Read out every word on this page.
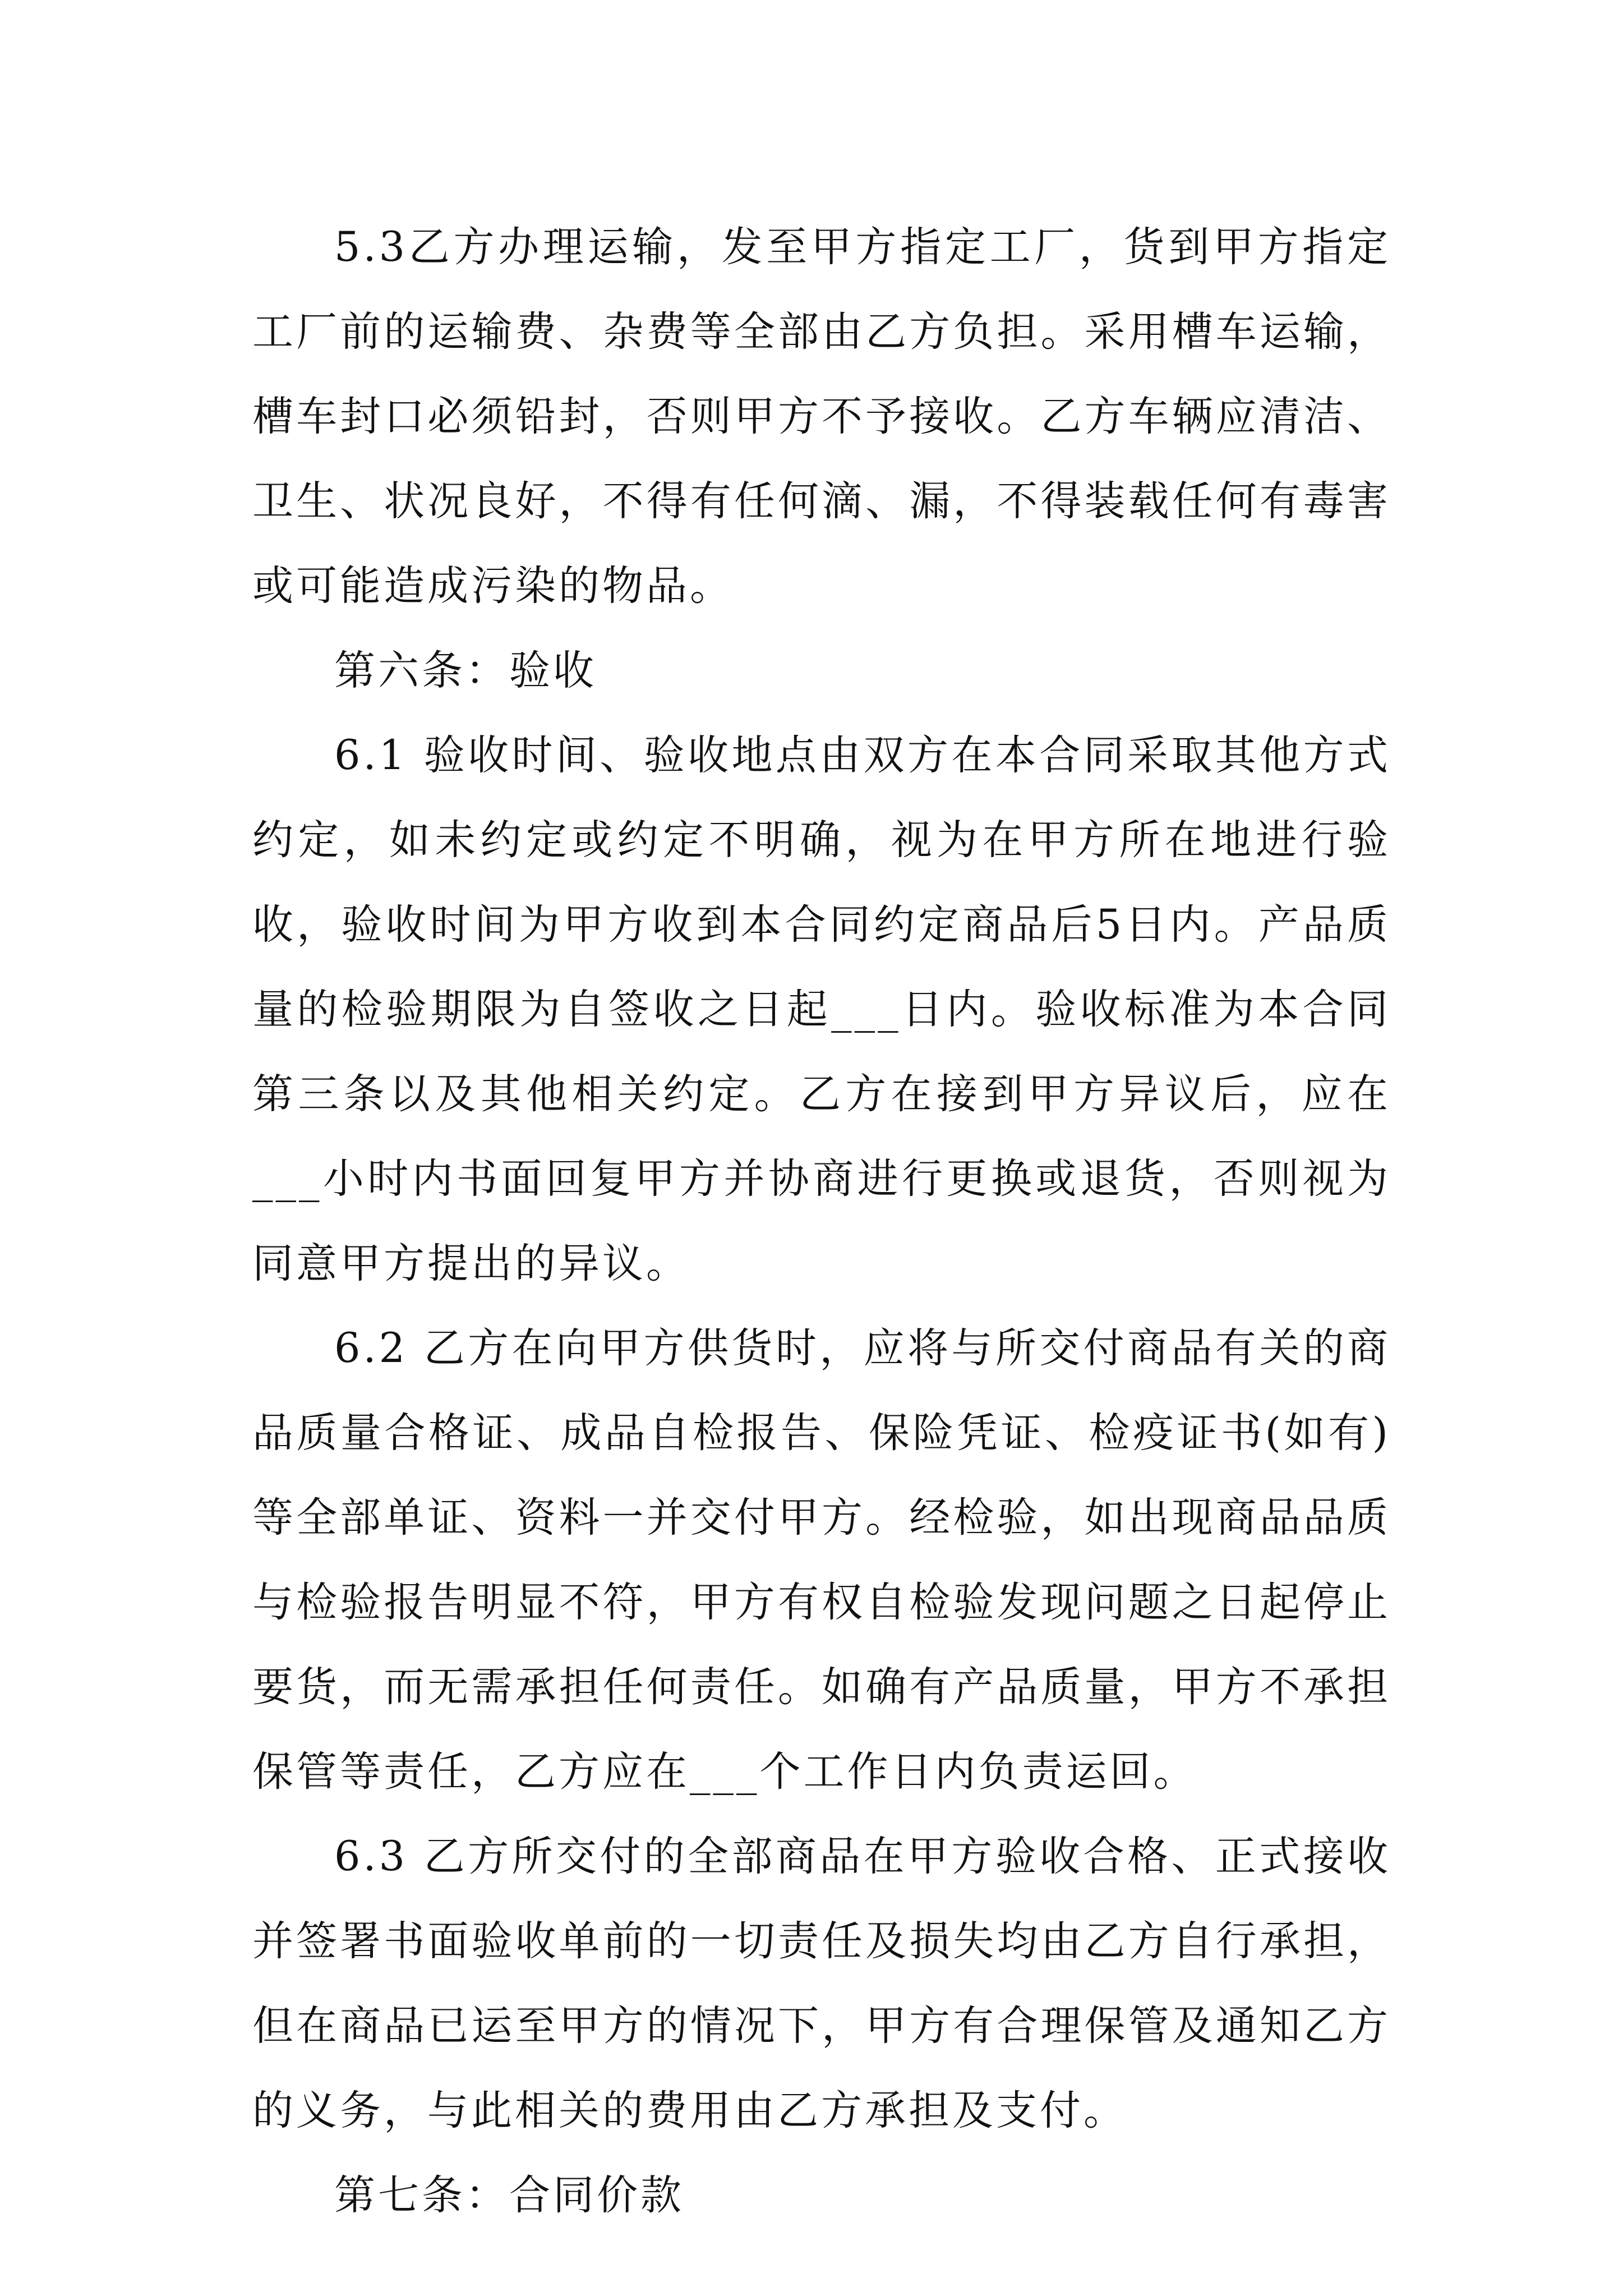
5.3乙方办理运输，发至甲方指定工厂，货到甲方指定工厂前的运输费、杂费等全部由乙方负担。采用槽车运输，槽车封口必须铅封，否则甲方不予接收。乙方车辆应清洁、卫生、状况良好，不得有任何滴、漏，不得装载任何有毒害或可能造成污染的物品。

第六条：验收

6.1 验收时间、验收地点由双方在本合同采取其他方式约定，如未约定或约定不明确，视为在甲方所在地进行验收，验收时间为甲方收到本合同约定商品后5日内。产品质量的检验期限为自签收之日起___日内。验收标准为本合同第三条以及其他相关约定。乙方在接到甲方异议后，应在___小时内书面回复甲方并协商进行更换或退货，否则视为同意甲方提出的异议。

6.2 乙方在向甲方供货时，应将与所交付商品有关的商品质量合格证、成品自检报告、保险凭证、检疫证书(如有)等全部单证、资料一并交付甲方。经检验，如出现商品品质与检验报告明显不符，甲方有权自检验发现问题之日起停止要货，而无需承担任何责任。如确有产品质量，甲方不承担保管等责任，乙方应在___个工作日内负责运回。

6.3 乙方所交付的全部商品在甲方验收合格、正式接收并签署书面验收单前的一切责任及损失均由乙方自行承担，但在商品已运至甲方的情况下，甲方有合理保管及通知乙方的义务，与此相关的费用由乙方承担及支付。

第七条：合同价款
